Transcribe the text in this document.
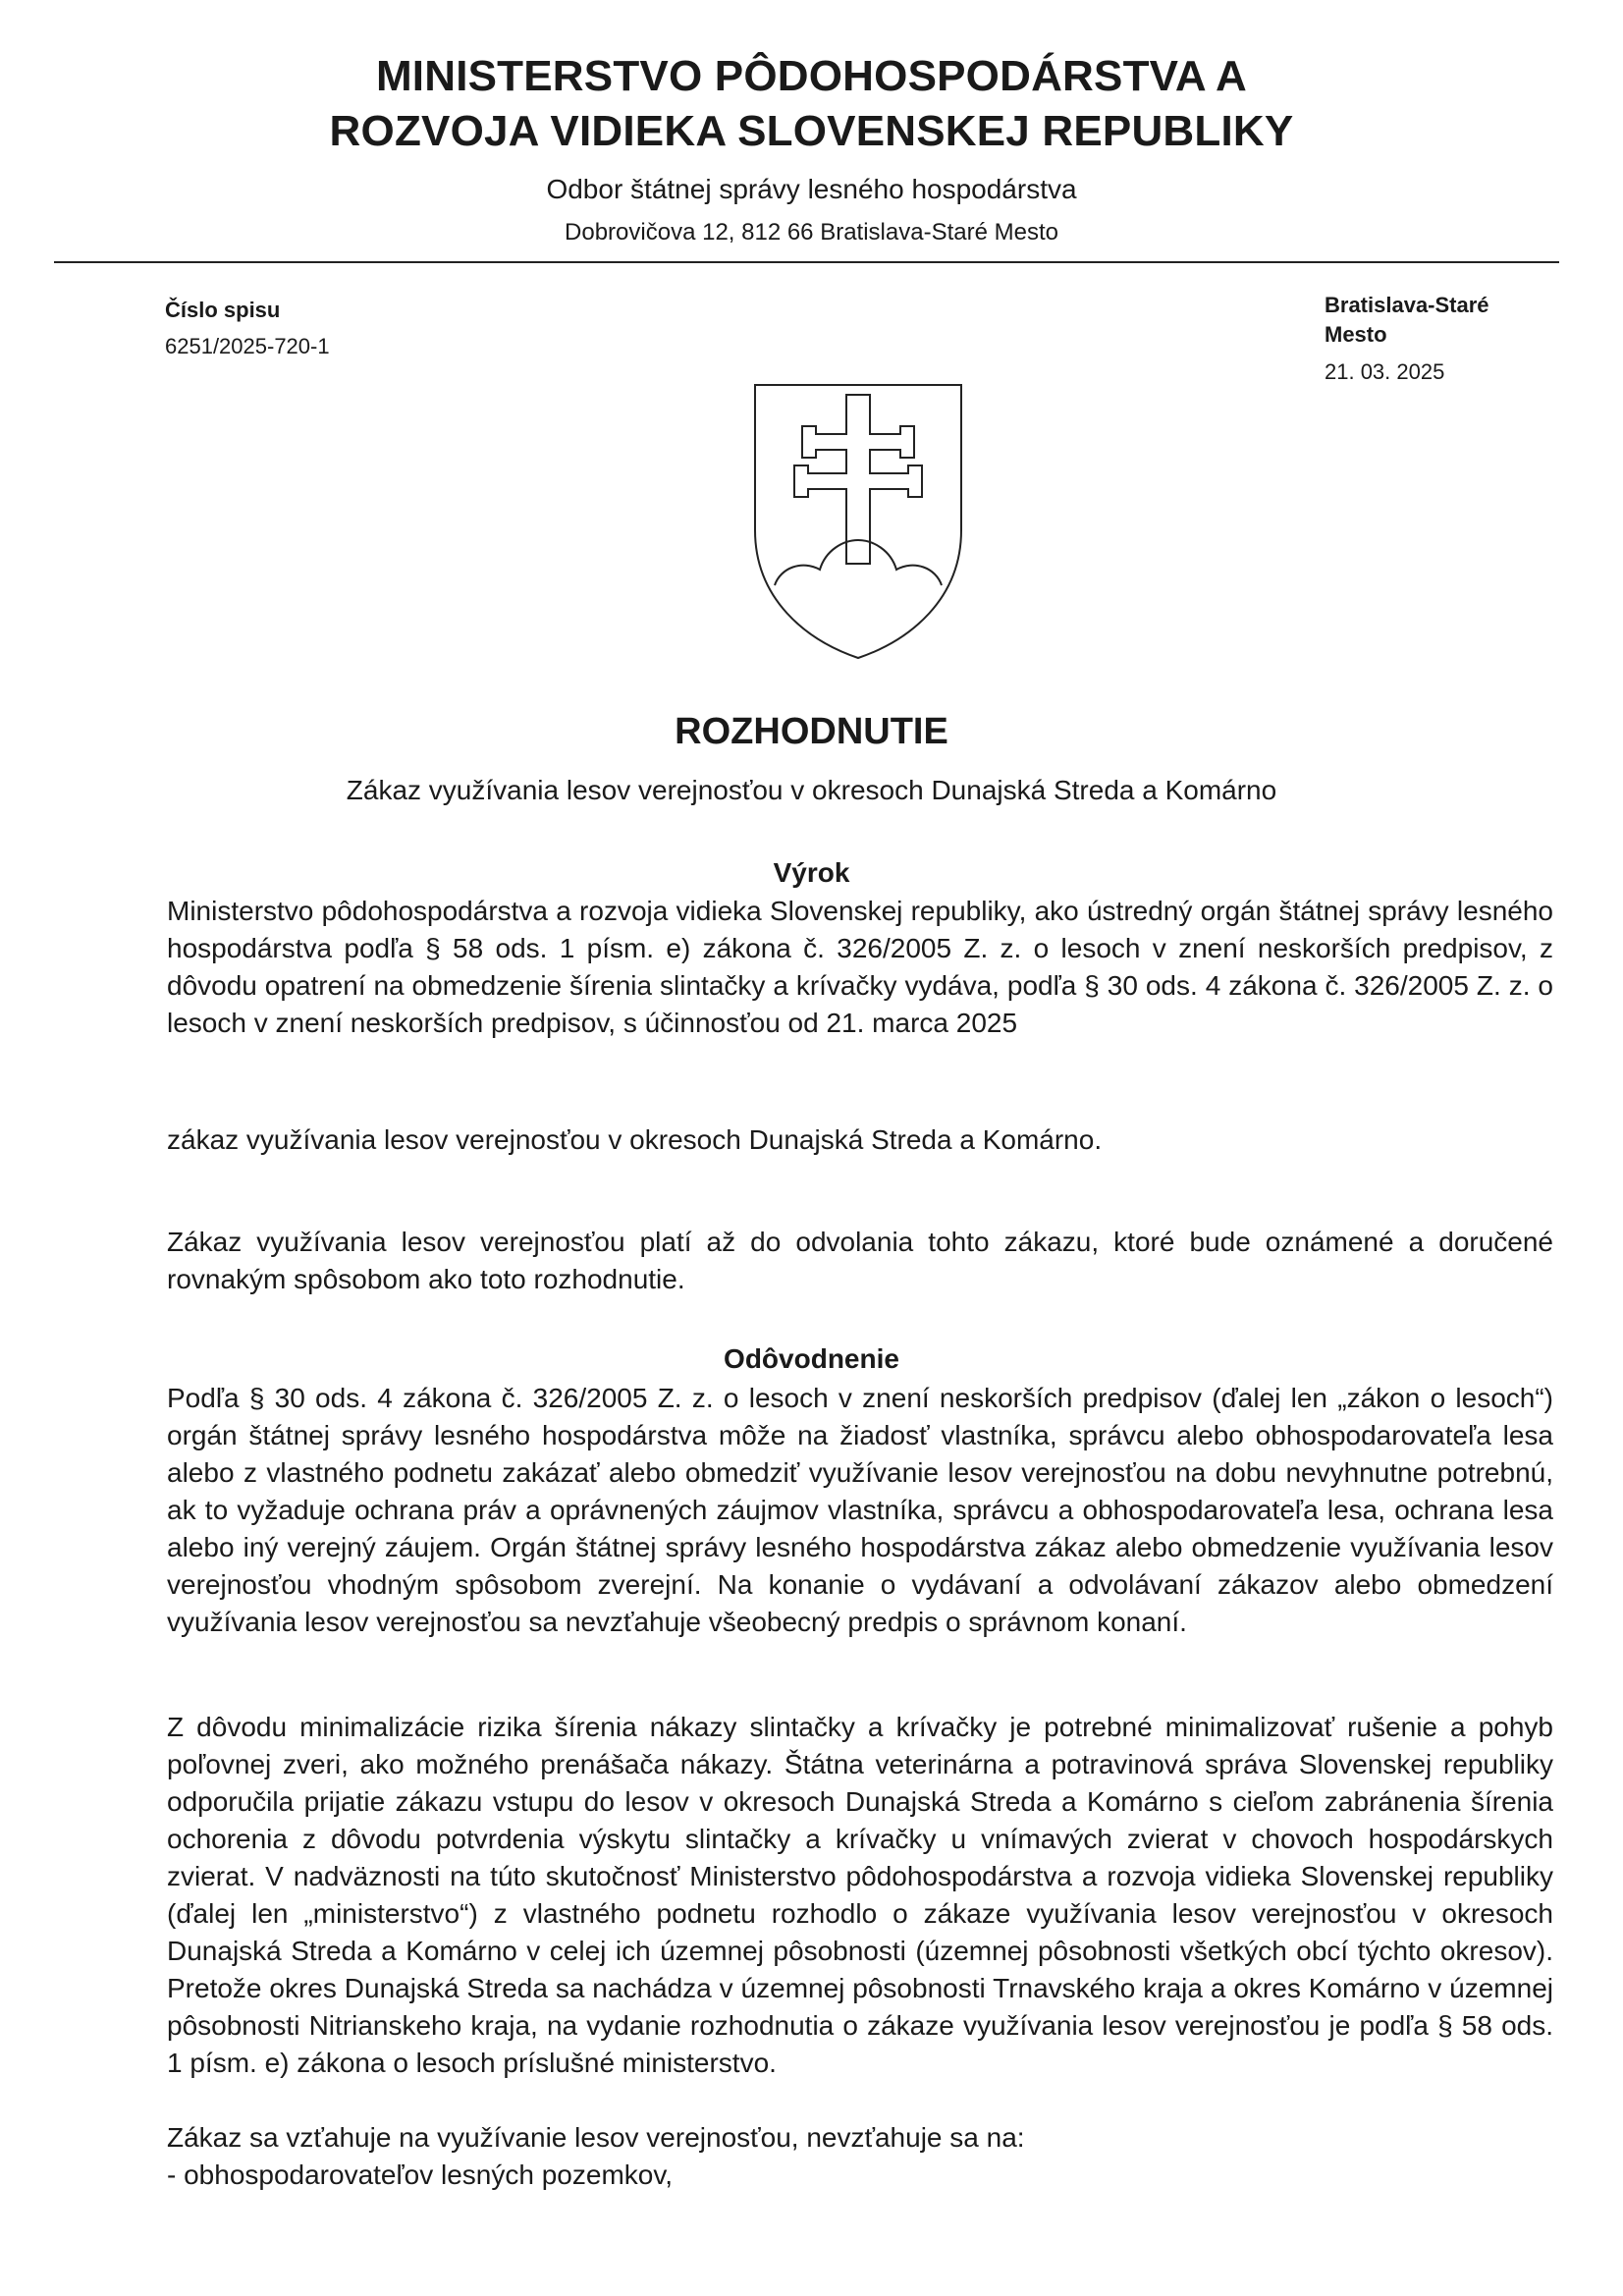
MINISTERSTVO PÔDOHOSPODÁRSTVA A
ROZVOJA VIDIEKA SLOVENSKEJ REPUBLIKY
Odbor štátnej správy lesného hospodárstva
Dobrovičova 12, 812 66 Bratislava-Staré Mesto
Číslo spisu
6251/2025-720-1
Bratislava-Staré Mesto
21. 03. 2025
ROZHODNUTIE
Zákaz využívania lesov verejnosťou v okresoch Dunajská Streda a Komárno
Výrok
Ministerstvo pôdohospodárstva a rozvoja vidieka Slovenskej republiky, ako ústredný orgán štátnej správy lesného hospodárstva podľa § 58 ods. 1 písm. e) zákona č. 326/2005 Z. z. o lesoch v znení neskorších predpisov, z dôvodu opatrení na obmedzenie šírenia slintačky a krívačky vydáva, podľa § 30 ods. 4 zákona č. 326/2005 Z. z. o lesoch v znení neskorších predpisov, s účinnosťou od 21. marca 2025
zákaz využívania lesov verejnosťou v okresoch Dunajská Streda a Komárno.
Zákaz využívania lesov verejnosťou platí až do odvolania tohto zákazu, ktoré bude oznámené a doručené rovnakým spôsobom ako toto rozhodnutie.
Odôvodnenie
Podľa § 30 ods. 4 zákona č. 326/2005 Z. z. o lesoch v znení neskorších predpisov (ďalej len „zákon o lesoch“) orgán štátnej správy lesného hospodárstva môže na žiadosť vlastníka, správcu alebo obhospodarovateľa lesa alebo z vlastného podnetu zakázať alebo obmedziť využívanie lesov verejnosťou na dobu nevyhnutne potrebnú, ak to vyžaduje ochrana práv a oprávnených záujmov vlastníka, správcu a obhospodarovateľa lesa, ochrana lesa alebo iný verejný záujem. Orgán štátnej správy lesného hospodárstva zákaz alebo obmedzenie využívania lesov verejnosťou vhodným spôsobom zverejní. Na konanie o vydávaní a odvolávaní zákazov alebo obmedzení využívania lesov verejnosťou sa nevzťahuje všeobecný predpis o správnom konaní.
Z dôvodu minimalizácie rizika šírenia nákazy slintačky a krívačky je potrebné minimalizovať rušenie a pohyb poľovnej zveri, ako možného prenášača nákazy. Štátna veterinárna a potravinová správa Slovenskej republiky odporučila prijatie zákazu vstupu do lesov v okresoch Dunajská Streda a Komárno s cieľom zabránenia šírenia ochorenia z dôvodu potvrdenia výskytu slintačky a krívačky u vnímavých zvierat v chovoch hospodárskych zvierat. V nadväznosti na túto skutočnosť Ministerstvo pôdohospodárstva a rozvoja vidieka Slovenskej republiky (ďalej len „ministerstvo“) z vlastného podnetu rozhodlo o zákaze využívania lesov verejnosťou v okresoch Dunajská Streda a Komárno v celej ich územnej pôsobnosti (územnej pôsobnosti všetkých obcí týchto okresov). Pretože okres Dunajská Streda sa nachádza v územnej pôsobnosti Trnavského kraja a okres Komárno v územnej pôsobnosti Nitrianskeho kraja, na vydanie rozhodnutia o zákaze využívania lesov verejnosťou je podľa § 58 ods. 1 písm. e) zákona o lesoch príslušné ministerstvo.
Zákaz sa vzťahuje na využívanie lesov verejnosťou, nevzťahuje sa na:
- obhospodarovateľov lesných pozemkov,
